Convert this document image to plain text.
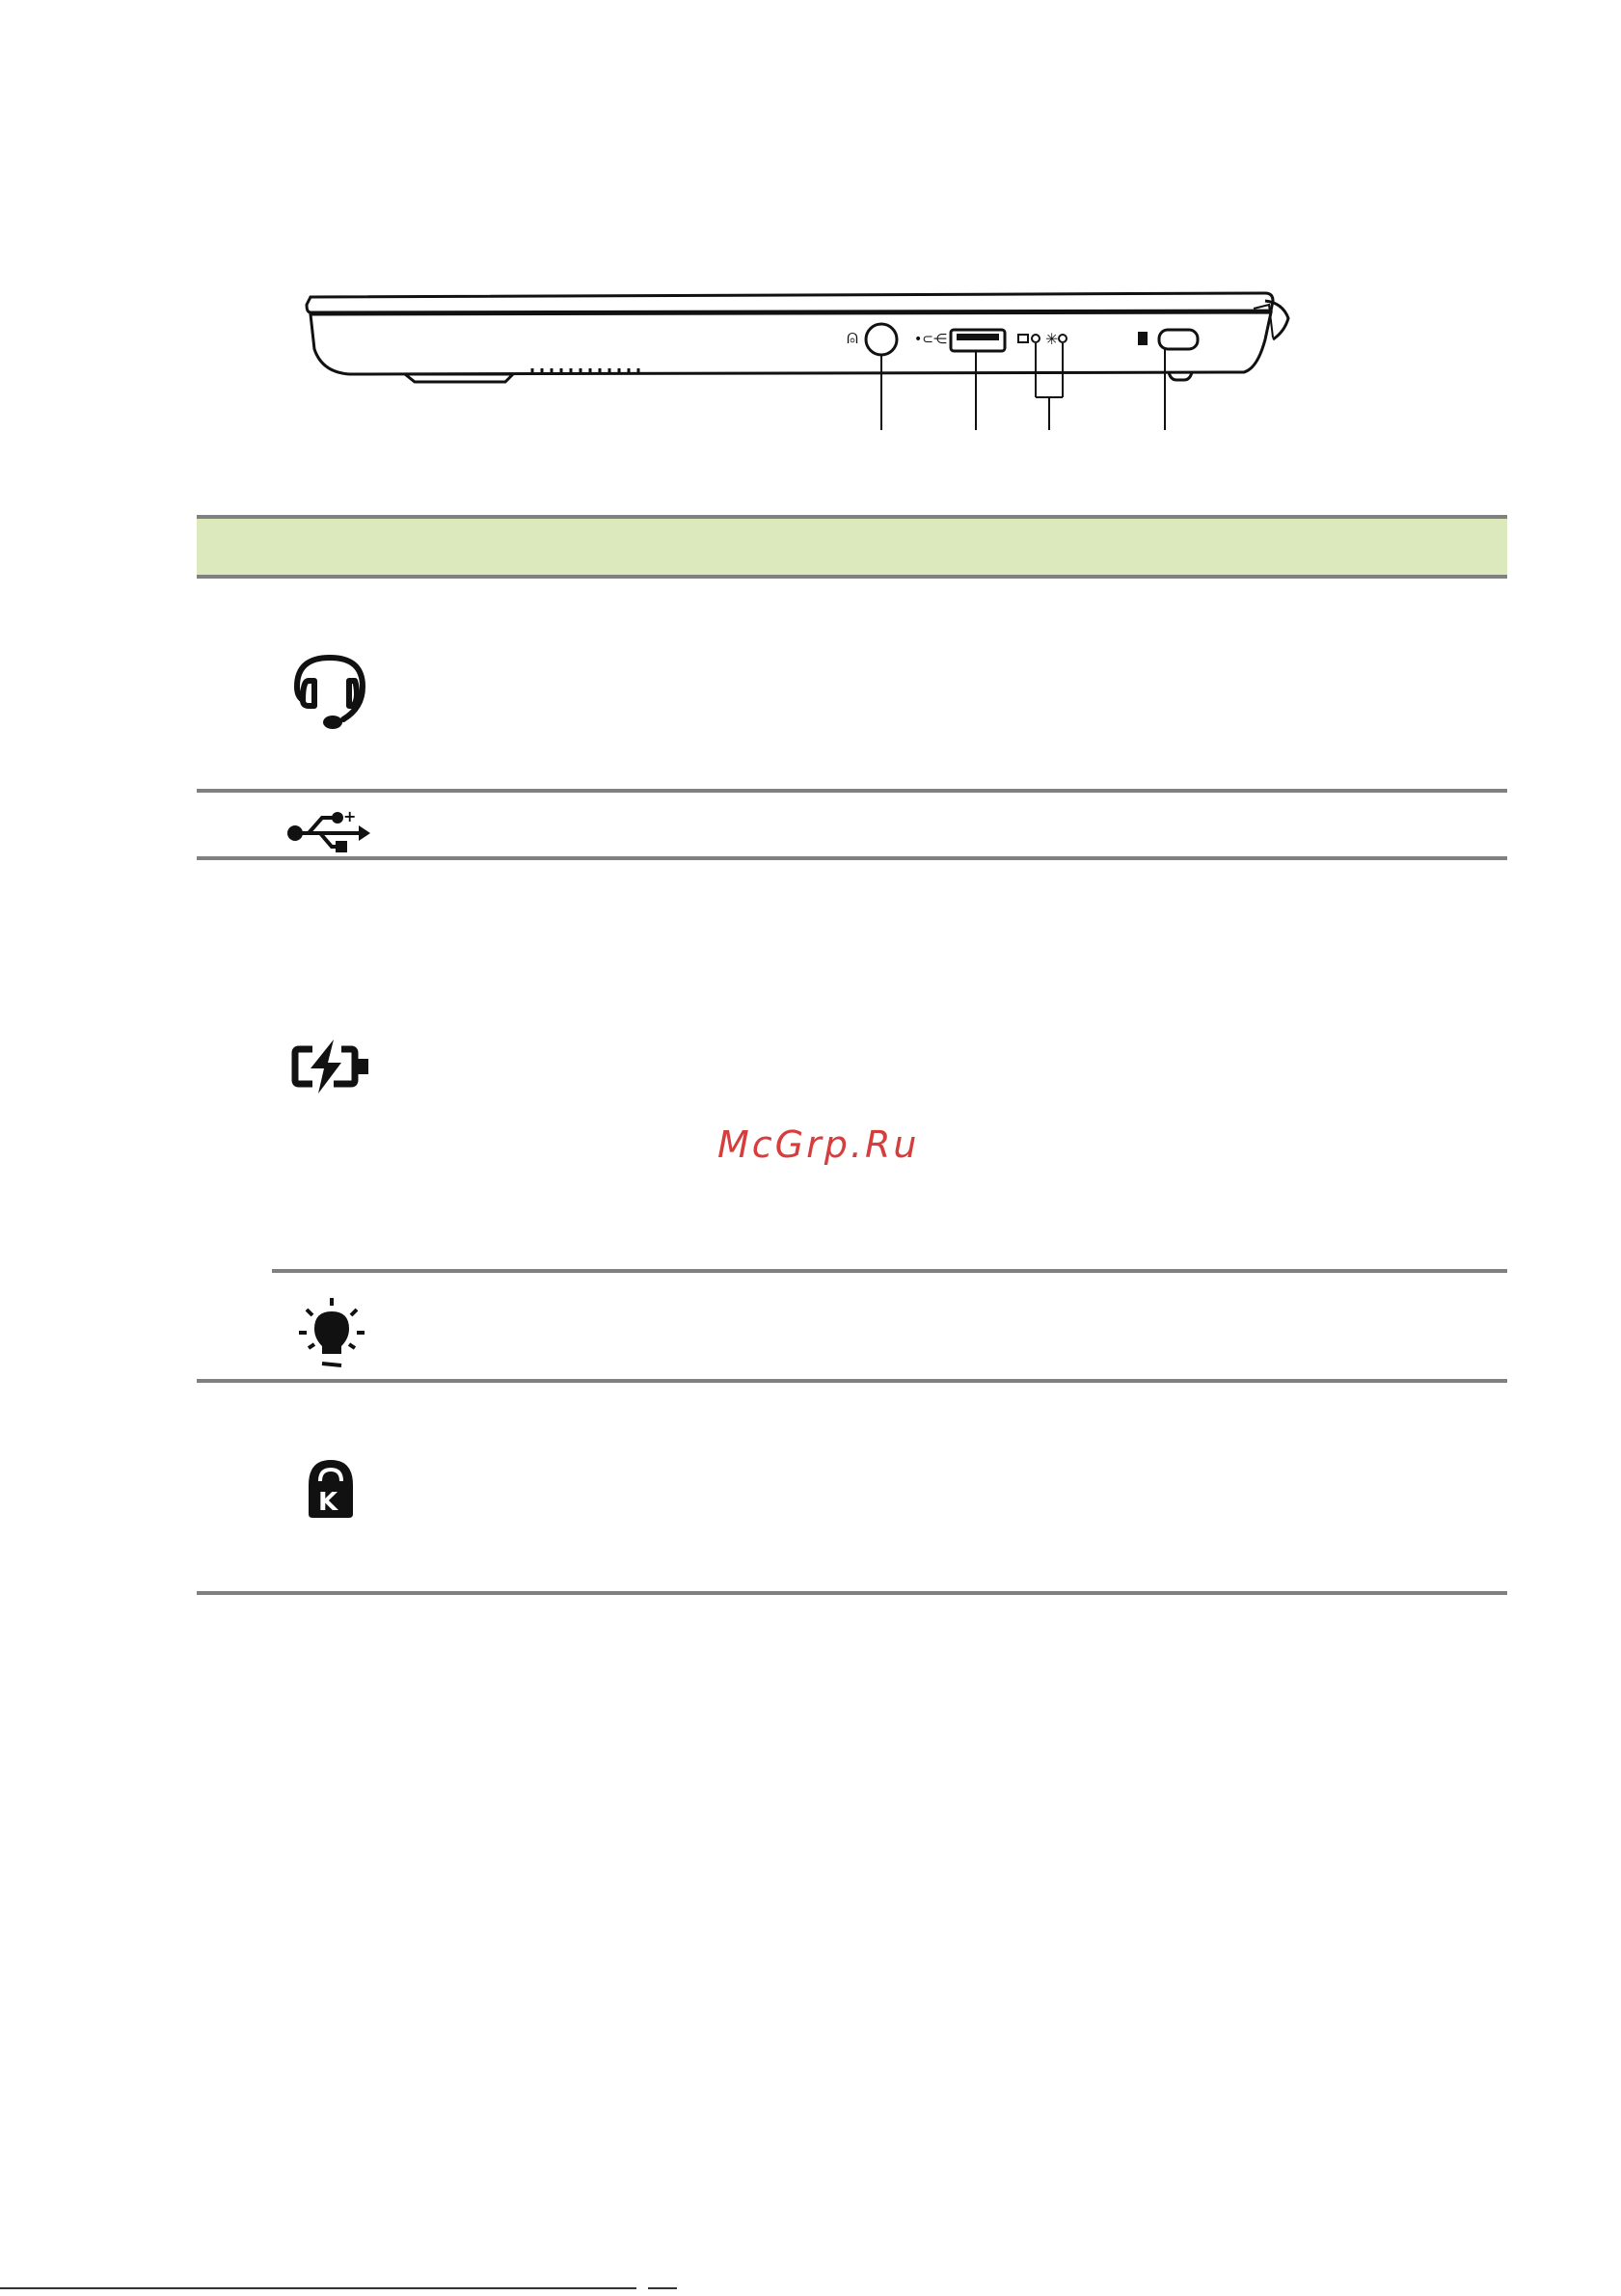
⍝	•⊂⋲	✳
+
McGrp.Ru
K
